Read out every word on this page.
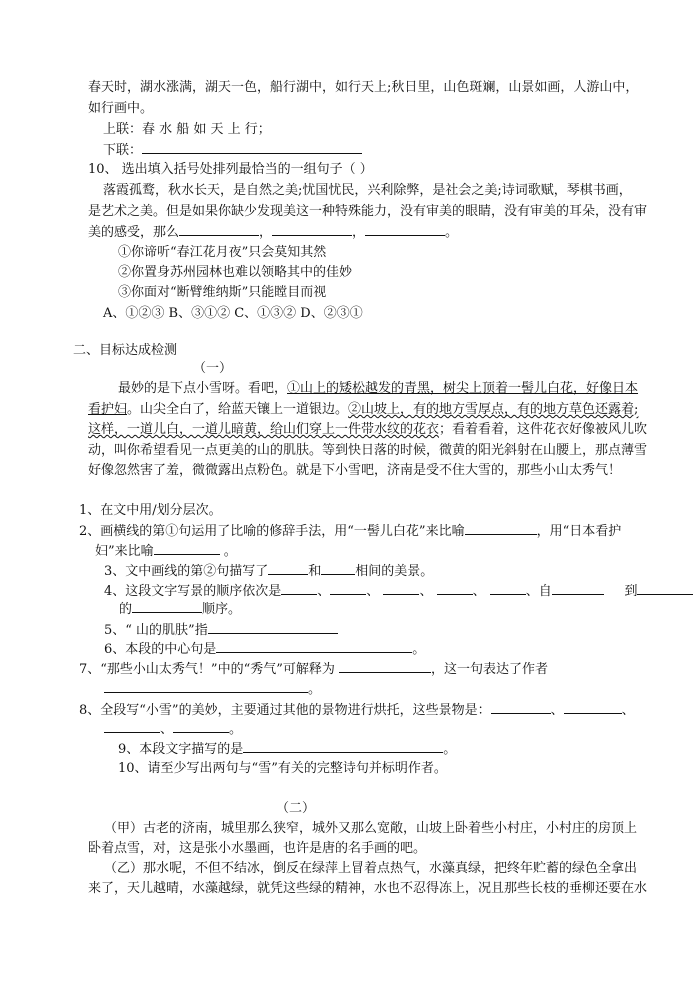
春天时，湖水涨满，湖天一色，船行湖中，如行天上;秋日里，山色斑斓，山景如画，人游山中，
如行画中。
上联：春 水 船 如 天 上 行；
下联：
10、 选出填入括号处排列最恰当的一组句子（ ）
落霞孤鹜，秋水长天，是自然之美;忧国忧民，兴利除弊，是社会之美;诗词歌赋，琴棋书画，
是艺术之美。但是如果你缺少发现美这一种特殊能力，没有审美的眼睛，没有审美的耳朵，没有审
美的感受，那么	，	，	。
①你谛听“春江花月夜”只会莫知其然
②你置身苏州园林也难以领略其中的佳妙
③你面对“断臂维纳斯”只能瞠目而视
A、①②③ B、③①② C、①③② D、②③①
二、目标达成检测
（一）
最妙的是下点小雪呀。看吧，①山上的矮松越发的青黑，树尖上顶着一髻儿白花，好像日本
看护妇。山尖全白了，给蓝天镶上一道银边。②山坡上，有的地方雪厚点，有的地方草色还露着;
这样，一道儿白，一道儿暗黄，给山们穿上一件带水纹的花衣；看着看着，这件花衣好像被风儿吹
动，叫你希望看见一点更美的山的肌肤。等到快日落的时候，微黄的阳光斜射在山腰上，那点薄雪
好像忽然害了羞，微微露出点粉色。就是下小雪吧，济南是受不住大雪的，那些小山太秀气！
1、在文中用/划分层次。
2、画横线的第①句运用了比喻的修辞手法，用“一髻儿白花”来比喻	，用“日本看护
妇”来比喻	。
3、文中画线的第②句描写了	和	相间的美景。
4、这段文字写景的顺序依次是	、	、	、	、	、自	到
的	顺序。
5、“ 山的肌肤”指
6、本段的中心句是	。
7、“那些小山太秀气！”中的“秀气”可解释为	，这一句表达了作者
。
8、全段写“小雪”的美妙，主要通过其他的景物进行烘托，这些景物是：	、	、
、	。
9、本段文字描写的是	。
10、请至少写出两句与“雪”有关的完整诗句并标明作者。
（二）
（甲）古老的济南，城里那么狭窄，城外又那么宽敞，山坡上卧着些小村庄，小村庄的房顶上
卧着点雪，对，这是张小水墨画，也许是唐的名手画的吧。
（乙）那水呢，不但不结冰，倒反在绿萍上冒着点热气，水藻真绿，把终年贮蓄的绿色全拿出
来了，天儿越晴，水藻越绿，就凭这些绿的精神，水也不忍得冻上，况且那些长枝的垂柳还要在水
